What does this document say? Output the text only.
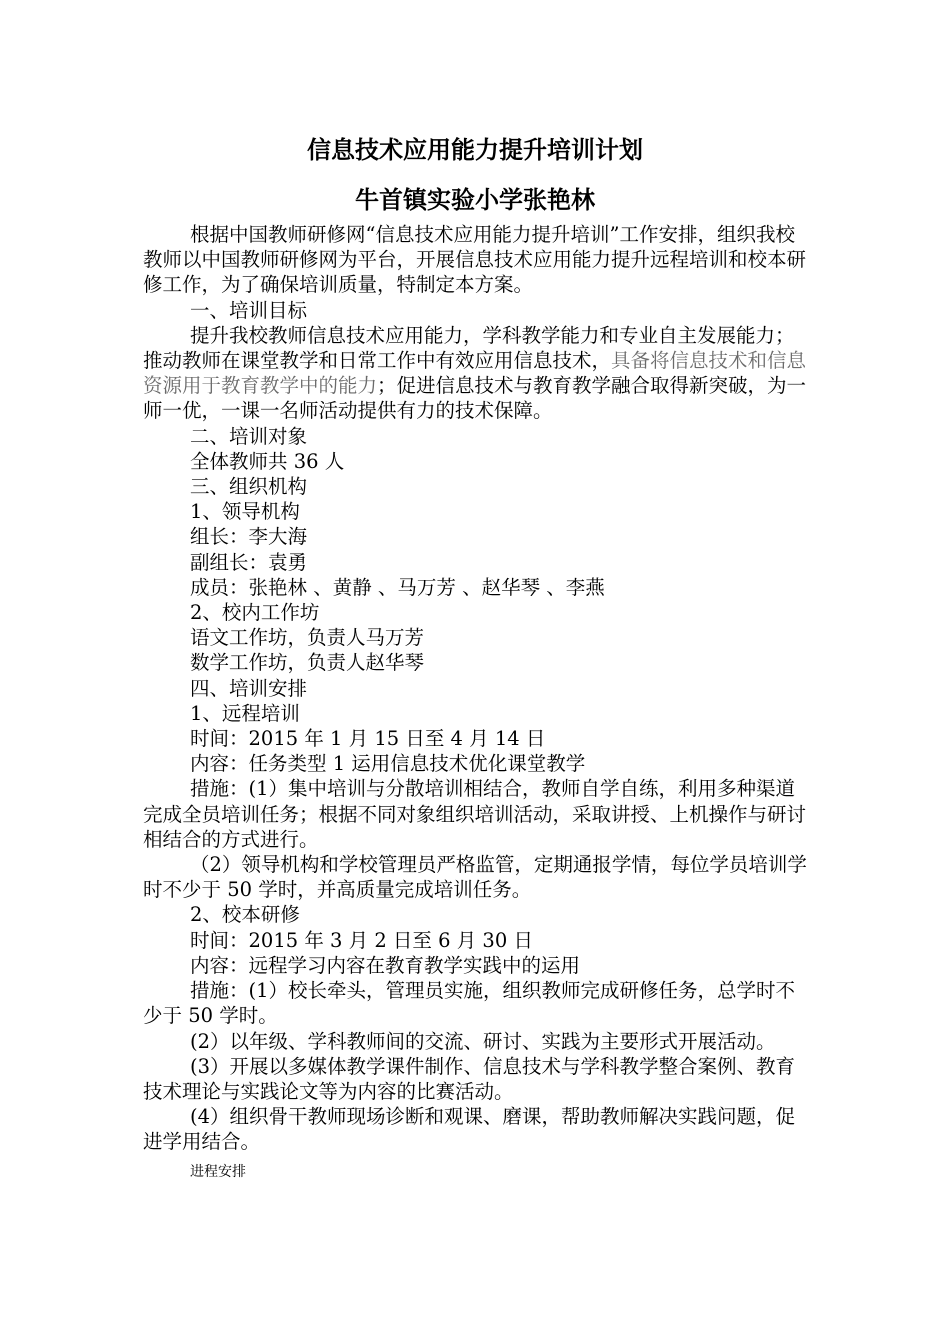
信息技术应用能力提升培训计划
牛首镇实验小学张艳林

根据中国教师研修网“信息技术应用能力提升培训”工作安排，组织我校教师以中国教师研修网为平台，开展信息技术应用能力提升远程培训和校本研修工作，为了确保培训质量，特制定本方案。

一、培训目标

提升我校教师信息技术应用能力，学科教学能力和专业自主发展能力；推动教师在课堂教学和日常工作中有效应用信息技术，具备将信息技术和信息资源用于教育教学中的能力；促进信息技术与教育教学融合取得新突破，为一师一优，一课一名师活动提供有力的技术保障。

二、培训对象

全体教师共 36 人

三、组织机构

1、领导机构

组长：李大海

副组长：袁勇

成员：张艳林 、黄静 、马万芳 、赵华琴 、李燕

2、校内工作坊

语文工作坊，负责人马万芳

数学工作坊，负责人赵华琴

四、培训安排

1、远程培训

时间：2015 年 1 月 15 日至 4 月 14 日

内容：任务类型 1 运用信息技术优化课堂教学

措施：(1）集中培训与分散培训相结合，教师自学自练，利用多种渠道完成全员培训任务；根据不同对象组织培训活动，采取讲授、上机操作与研讨相结合的方式进行。

（2）领导机构和学校管理员严格监管，定期通报学情，每位学员培训学时不少于 50 学时，并高质量完成培训任务。

2、校本研修

时间：2015 年 3 月 2 日至 6 月 30 日

内容：远程学习内容在教育教学实践中的运用

措施：(1）校长牵头，管理员实施，组织教师完成研修任务，总学时不少于 50 学时。

(2）以年级、学科教师间的交流、研讨、实践为主要形式开展活动。

(3）开展以多媒体教学课件制作、信息技术与学科教学整合案例、教育技术理论与实践论文等为内容的比赛活动。

(4）组织骨干教师现场诊断和观课、磨课，帮助教师解决实践问题，促进学用结合。

进程安排
